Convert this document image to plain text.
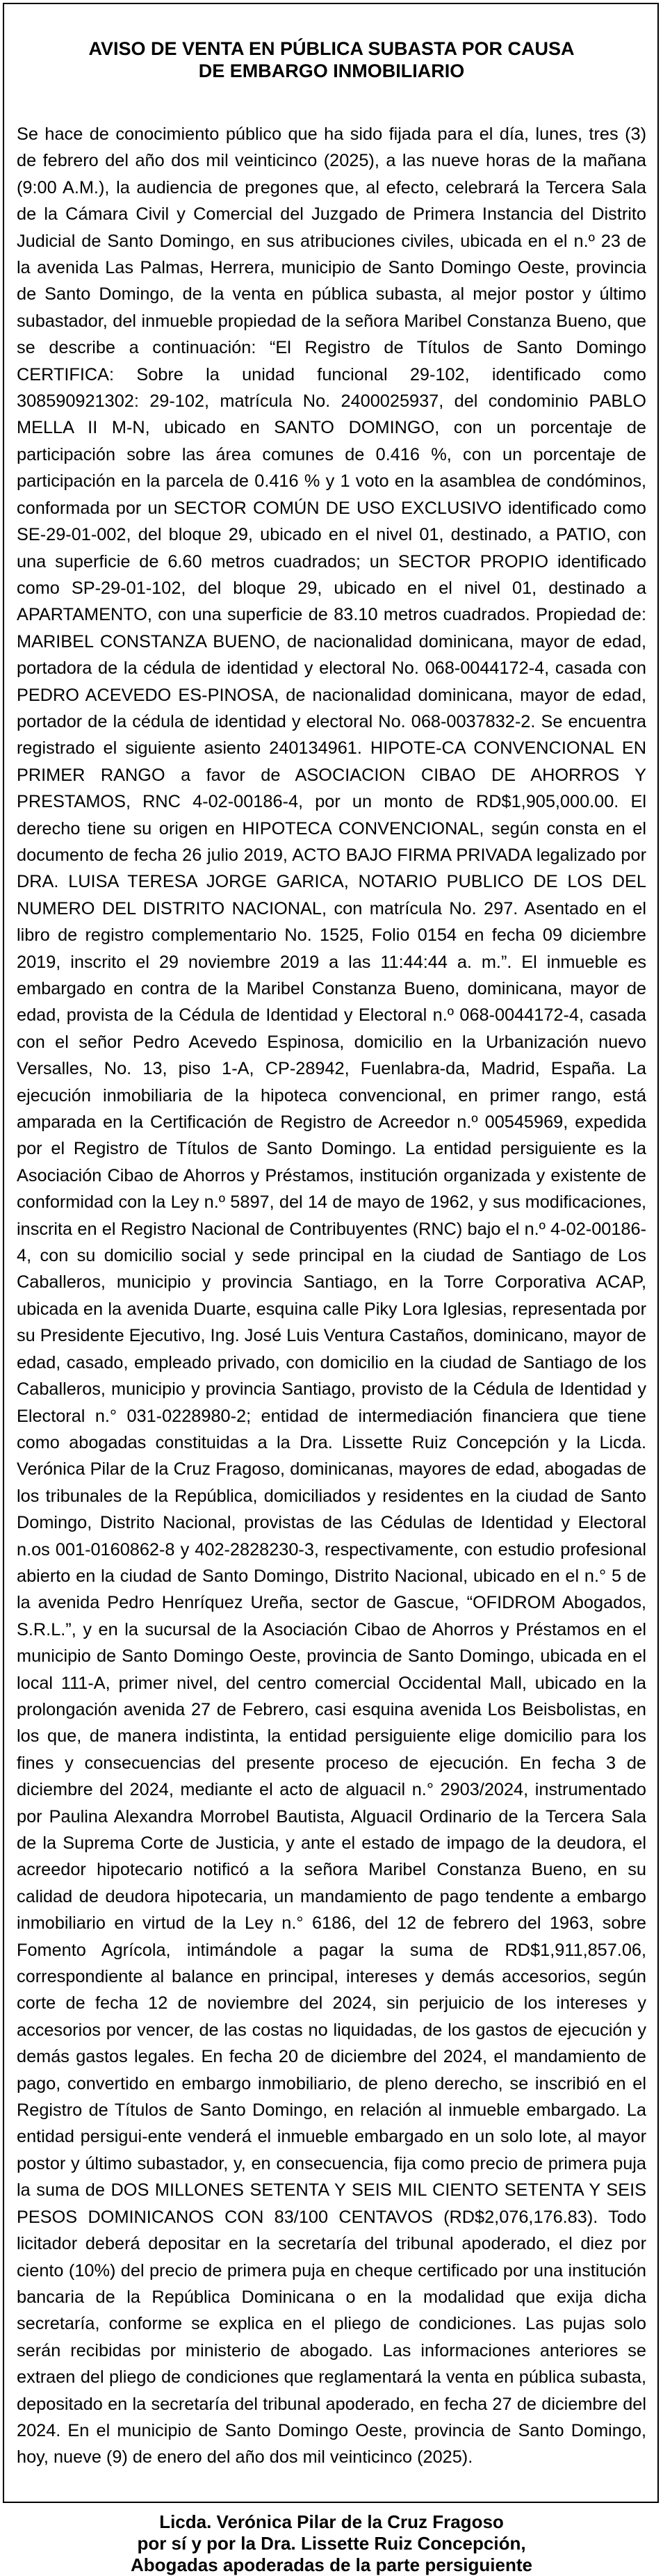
AVISO DE VENTA EN PÚBLICA SUBASTA POR CAUSA
DE EMBARGO INMOBILIARIO

Se hace de conocimiento público que ha sido fijada para el día, lunes, tres (3) de febrero del año dos mil veinticinco (2025), a las nueve horas de la mañana (9:00 A.M.), la audiencia de pregones que, al efecto, celebrará la Tercera Sala de la Cámara Civil y Comercial del Juzgado de Primera Instancia del Distrito Judicial de Santo Domingo, en sus atribuciones civiles, ubicada en el n.º 23 de la avenida Las Palmas, Herrera, municipio de Santo Domingo Oeste, provincia de Santo Domingo, de la venta en pública subasta, al mejor postor y último subastador, del inmueble propiedad de la señora Maribel Constanza Bueno, que se describe a continuación: “El Registro de Títulos de Santo Domingo CERTIFICA: Sobre la unidad funcional 29-102, identificado como 308590921302: 29-102, matrícula No. 2400025937, del condominio PABLO MELLA II M-N, ubicado en SANTO DOMINGO, con un porcentaje de participación sobre las área comunes de 0.416 %, con un porcentaje de participación en la parcela de 0.416 % y 1 voto en la asamblea de condóminos, conformada por un SECTOR COMÚN DE USO EXCLUSIVO identificado como SE-29-01-002, del bloque 29, ubicado en el nivel 01, destinado, a PATIO, con una superficie de 6.60 metros cuadrados; un SECTOR PROPIO identificado como SP-29-01-102, del bloque 29, ubicado en el nivel 01, destinado a APARTAMENTO, con una superficie de 83.10 metros cuadrados. Propiedad de: MARIBEL CONSTANZA BUENO, de nacionalidad dominicana, mayor de edad, portadora de la cédula de identidad y electoral No. 068-0044172-4, casada con PEDRO ACEVEDO ES-PINOSA, de nacionalidad dominicana, mayor de edad, portador de la cédula de identidad y electoral No. 068-0037832-2. Se encuentra registrado el siguiente asiento 240134961. HIPOTE-CA CONVENCIONAL EN PRIMER RANGO a favor de ASOCIACION CIBAO DE AHORROS Y PRESTAMOS, RNC 4-02-00186-4, por un monto de RD$1,905,000.00. El derecho tiene su origen en HIPOTECA CONVENCIONAL, según consta en el documento de fecha 26 julio 2019, ACTO BAJO FIRMA PRIVADA legalizado por DRA. LUISA TERESA JORGE GARICA, NOTARIO PUBLICO DE LOS DEL NUMERO DEL DISTRITO NACIONAL, con matrícula No. 297. Asentado en el libro de registro complementario No. 1525, Folio 0154 en fecha 09 diciembre 2019, inscrito el 29 noviembre 2019 a las 11:44:44 a. m.”. El inmueble es embargado en contra de la Maribel Constanza Bueno, dominicana, mayor de edad, provista de la Cédula de Identidad y Electoral n.º 068-0044172-4, casada con el señor Pedro Acevedo Espinosa, domicilio en la Urbanización nuevo Versalles, No. 13, piso 1-A, CP-28942, Fuenlabra-da, Madrid, España. La ejecución inmobiliaria de la hipoteca convencional, en primer rango, está amparada en la Certificación de Registro de Acreedor n.º 00545969, expedida por el Registro de Títulos de Santo Domingo. La entidad persiguiente es la Asociación Cibao de Ahorros y Préstamos, institución organizada y existente de conformidad con la Ley n.º 5897, del 14 de mayo de 1962, y sus modificaciones, inscrita en el Registro Nacional de Contribuyentes (RNC) bajo el n.º 4-02-00186-4, con su domicilio social y sede principal en la ciudad de Santiago de Los Caballeros, municipio y provincia Santiago, en la Torre Corporativa ACAP, ubicada en la avenida Duarte, esquina calle Piky Lora Iglesias, representada por su Presidente Ejecutivo, Ing. José Luis Ventura Castaños, dominicano, mayor de edad, casado, empleado privado, con domicilio en la ciudad de Santiago de los Caballeros, municipio y provincia Santiago, provisto de la Cédula de Identidad y Electoral n.° 031-0228980-2; entidad de intermediación financiera que tiene como abogadas constituidas a la Dra. Lissette Ruiz Concepción y la Licda. Verónica Pilar de la Cruz Fragoso, dominicanas, mayores de edad, abogadas de los tribunales de la República, domiciliados y residentes en la ciudad de Santo Domingo, Distrito Nacional, provistas de las Cédulas de Identidad y Electoral n.os 001-0160862-8 y 402-2828230-3, respectivamente, con estudio profesional abierto en la ciudad de Santo Domingo, Distrito Nacional, ubicado en el n.° 5 de la avenida Pedro Henríquez Ureña, sector de Gascue, “OFIDROM Abogados, S.R.L.”, y en la sucursal de la Asociación Cibao de Ahorros y Préstamos en el municipio de Santo Domingo Oeste, provincia de Santo Domingo, ubicada en el local 111-A, primer nivel, del centro comercial Occidental Mall, ubicado en la prolongación avenida 27 de Febrero, casi esquina avenida Los Beisbolistas, en los que, de manera indistinta, la entidad persiguiente elige domicilio para los fines y consecuencias del presente proceso de ejecución. En fecha 3 de diciembre del 2024, mediante el acto de alguacil n.° 2903/2024, instrumentado por Paulina Alexandra Morrobel Bautista, Alguacil Ordinario de la Tercera Sala de la Suprema Corte de Justicia, y ante el estado de impago de la deudora, el acreedor hipotecario notificó a la señora Maribel Constanza Bueno, en su calidad de deudora hipotecaria, un mandamiento de pago tendente a embargo inmobiliario en virtud de la Ley n.° 6186, del 12 de febrero del 1963, sobre Fomento Agrícola, intimándole a pagar la suma de RD$1,911,857.06, correspondiente al balance en principal, intereses y demás accesorios, según corte de fecha 12 de noviembre del 2024, sin perjuicio de los intereses y accesorios por vencer, de las costas no liquidadas, de los gastos de ejecución y demás gastos legales. En fecha 20 de diciembre del 2024, el mandamiento de pago, convertido en embargo inmobiliario, de pleno derecho, se inscribió en el Registro de Títulos de Santo Domingo, en relación al inmueble embargado. La entidad persigui-ente venderá el inmueble embargado en un solo lote, al mayor postor y último subastador, y, en consecuencia, fija como precio de primera puja la suma de DOS MILLONES SETENTA Y SEIS MIL CIENTO SETENTA Y SEIS PESOS DOMINICANOS CON 83/100 CENTAVOS (RD$2,076,176.83). Todo licitador deberá depositar en la secretaría del tribunal apoderado, el diez por ciento (10%) del precio de primera puja en cheque certificado por una institución bancaria de la República Dominicana o en la modalidad que exija dicha secretaría, conforme se explica en el pliego de condiciones. Las pujas solo serán recibidas por ministerio de abogado. Las informaciones anteriores se extraen del pliego de condiciones que reglamentará la venta en pública subasta, depositado en la secretaría del tribunal apoderado, en fecha 27 de diciembre del 2024. En el municipio de Santo Domingo Oeste, provincia de Santo Domingo, hoy, nueve (9) de enero del año dos mil veinticinco (2025).

Licda. Verónica Pilar de la Cruz Fragoso
por sí y por la Dra. Lissette Ruiz Concepción,
Abogadas apoderadas de la parte persiguiente
